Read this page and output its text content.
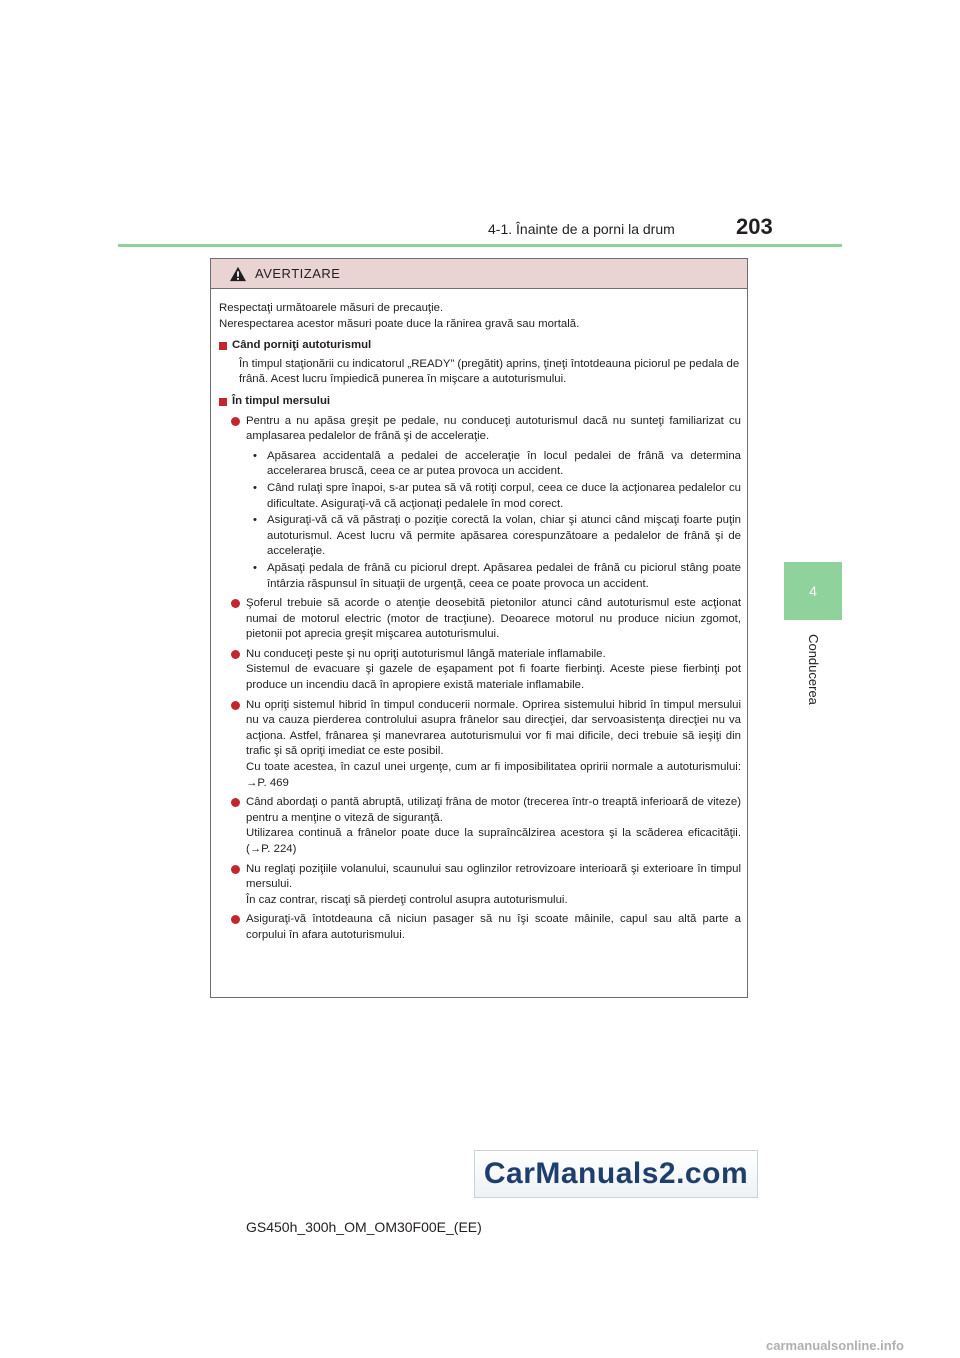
4-1. Înainte de a porni la drum	203
4
Conducerea
AVERTIZARE

Respectaţi următoarele măsuri de precauţie.
Nerespectarea acestor măsuri poate duce la rănirea gravă sau mortală.

Când porniţi autoturismul

În timpul staţionării cu indicatorul „READY” (pregătit) aprins, ţineţi întotdeauna piciorul pe pedala de frână. Acest lucru împiedică punerea în mişcare a autoturismului.

În timpul mersului

Pentru a nu apăsa greşit pe pedale, nu conduceţi autoturismul dacă nu sunteţi familiarizat cu amplasarea pedalelor de frână şi de acceleraţie.
• Apăsarea accidentală a pedalei de acceleraţie în locul pedalei de frână va determina accelerarea bruscă, ceea ce ar putea provoca un accident.
• Când rulaţi spre înapoi, s-ar putea să vă rotiţi corpul, ceea ce duce la acţionarea pedalelor cu dificultate. Asiguraţi-vă că acţionaţi pedalele în mod corect.
• Asiguraţi-vă că vă păstraţi o poziţie corectă la volan, chiar şi atunci când mişcaţi foarte puţin autoturismul. Acest lucru vă permite apăsarea corespunzătoare a pedalelor de frână şi de acceleraţie.
• Apăsaţi pedala de frână cu piciorul drept. Apăsarea pedalei de frână cu piciorul stâng poate întârzia răspunsul în situaţii de urgenţă, ceea ce poate provoca un accident.
Şoferul trebuie să acorde o atenţie deosebită pietonilor atunci când autoturismul este acţionat numai de motorul electric (motor de tracţiune). Deoarece motorul nu produce niciun zgomot, pietonii pot aprecia greşit mişcarea autoturismului.
Nu conduceţi peste şi nu opriţi autoturismul lângă materiale inflamabile.
Sistemul de evacuare şi gazele de eşapament pot fi foarte fierbinţi. Aceste piese fierbinţi pot produce un incendiu dacă în apropiere există materiale inflamabile.
Nu opriţi sistemul hibrid în timpul conducerii normale. Oprirea sistemului hibrid în timpul mersului nu va cauza pierderea controlului asupra frânelor sau direcţiei, dar servoasistenţa direcţiei nu va acţiona. Astfel, frânarea şi manevrarea autoturismului vor fi mai dificile, deci trebuie să ieşiţi din trafic şi să opriţi imediat ce este posibil.
Cu toate acestea, în cazul unei urgenţe, cum ar fi imposibilitatea opririi normale a autoturismului: →P. 469
Când abordaţi o pantă abruptă, utilizaţi frâna de motor (trecerea într-o treaptă inferioară de viteze) pentru a menţine o viteză de siguranţă.
Utilizarea continuă a frânelor poate duce la supraîncălzirea acestora şi la scăderea eficacităţii. (→P. 224)
Nu reglaţi poziţiile volanului, scaunului sau oglinzilor retrovizoare interioară şi exterioare în timpul mersului.
În caz contrar, riscaţi să pierdeţi controlul asupra autoturismului.
Asiguraţi-vă întotdeauna că niciun pasager să nu îşi scoate mâinile, capul sau altă parte a corpului în afara autoturismului.
CarManuals2.com
GS450h_300h_OM_OM30F00E_(EE)
carmanualsonline.info
